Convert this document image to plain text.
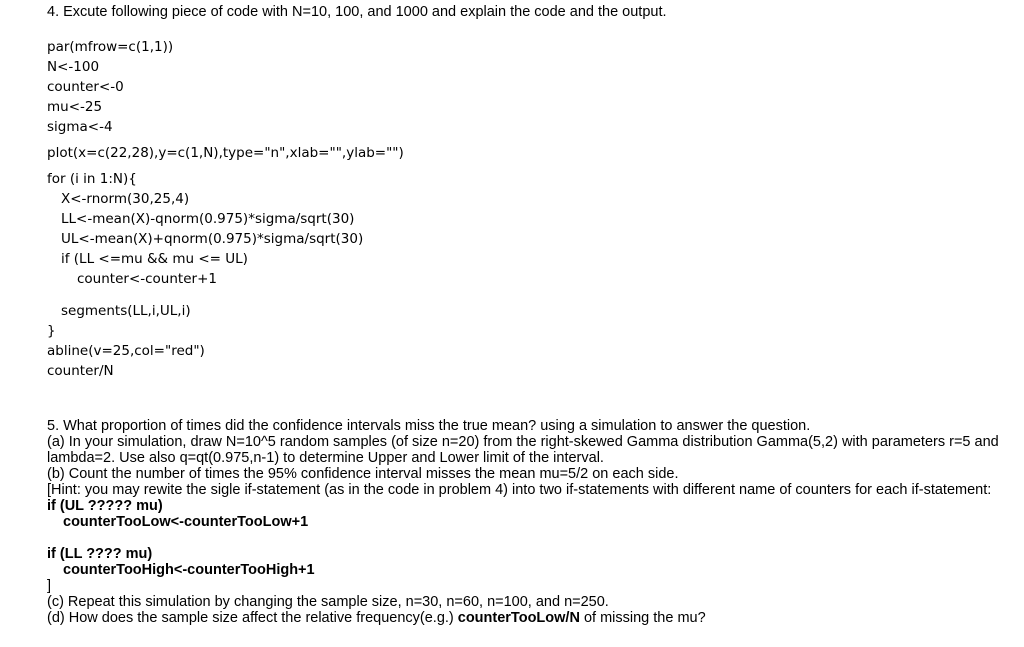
4. Excute following piece of code with N=10, 100, and 1000 and explain the code and the output.
par(mfrow=c(1,1))
N<-100
counter<-0
mu<-25
sigma<-4
plot(x=c(22,28),y=c(1,N),type="n",xlab="",ylab="")
for (i in 1:N){
X<-rnorm(30,25,4)
LL<-mean(X)-qnorm(0.975)*sigma/sqrt(30)
UL<-mean(X)+qnorm(0.975)*sigma/sqrt(30)
if (LL <=mu && mu <= UL)
counter<-counter+1
segments(LL,i,UL,i)
}
abline(v=25,col="red")
counter/N
5. What proportion of times did the confidence intervals miss the true mean? using a simulation to answer the question.
(a) In your simulation, draw N=10^5 random samples (of size n=20) from the right-skewed Gamma distribution Gamma(5,2) with parameters r=5 and
lambda=2. Use also q=qt(0.975,n-1) to determine Upper and Lower limit of the interval.
(b) Count the number of times the 95% confidence interval misses the mean mu=5/2 on each side.
[Hint: you may rewite the sigle if-statement (as in the code in problem 4) into two if-statements with different name of counters for each if-statement:
if (UL ????? mu)
counterTooLow<-counterTooLow+1
if (LL ???? mu)
counterTooHigh<-counterTooHigh+1
]
(c) Repeat this simulation by changing the sample size, n=30, n=60, n=100, and n=250.
(d) How does the sample size affect the relative frequency(e.g.) counterTooLow/N of missing the mu?
